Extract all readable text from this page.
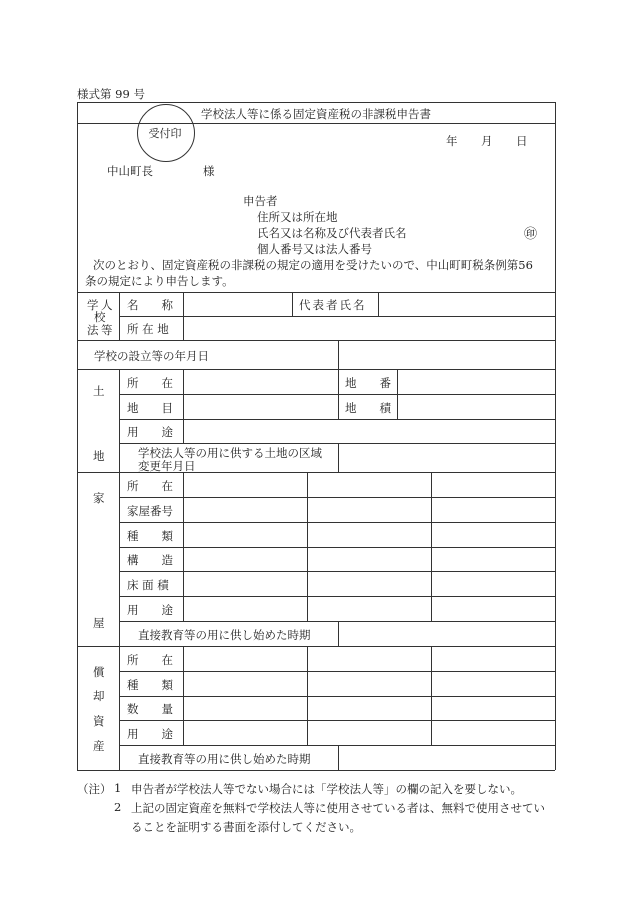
様式第 99 号
学校法人等に係る固定資産税の非課税申告書
受付印
年 月 日
中山町長	様
申告者
住所又は所在地
氏名又は名称及び代表者氏名	㊞
個人番号又は法人番号
次のとおり、固定資産税の非課税の規定の適用を受けたいので、中山町町税条例第56
条の規定により申告します。
学 人
校
法 等
名　　称	代表者氏名
所 在 地
学校の設立等の年月日
土
地
所　　在	地　　番
地　　目	地　　積
用　　途
学校法人等の用に供する土地の区域
変更年月日
家
屋
所　　在
家屋番号
種　　類
構　　造
床 面 積
用　　途
直接教育等の用に供し始めた時期
償
却
資
産
所　　在
種　　類
数　　量
用　　途
直接教育等の用に供し始めた時期
（注） 1 申告者が学校法人等でない場合には「学校法人等」の欄の記入を要しない。
2 上記の固定資産を無料で学校法人等に使用させている者は、無料で使用させてい
ることを証明する書面を添付してください。
